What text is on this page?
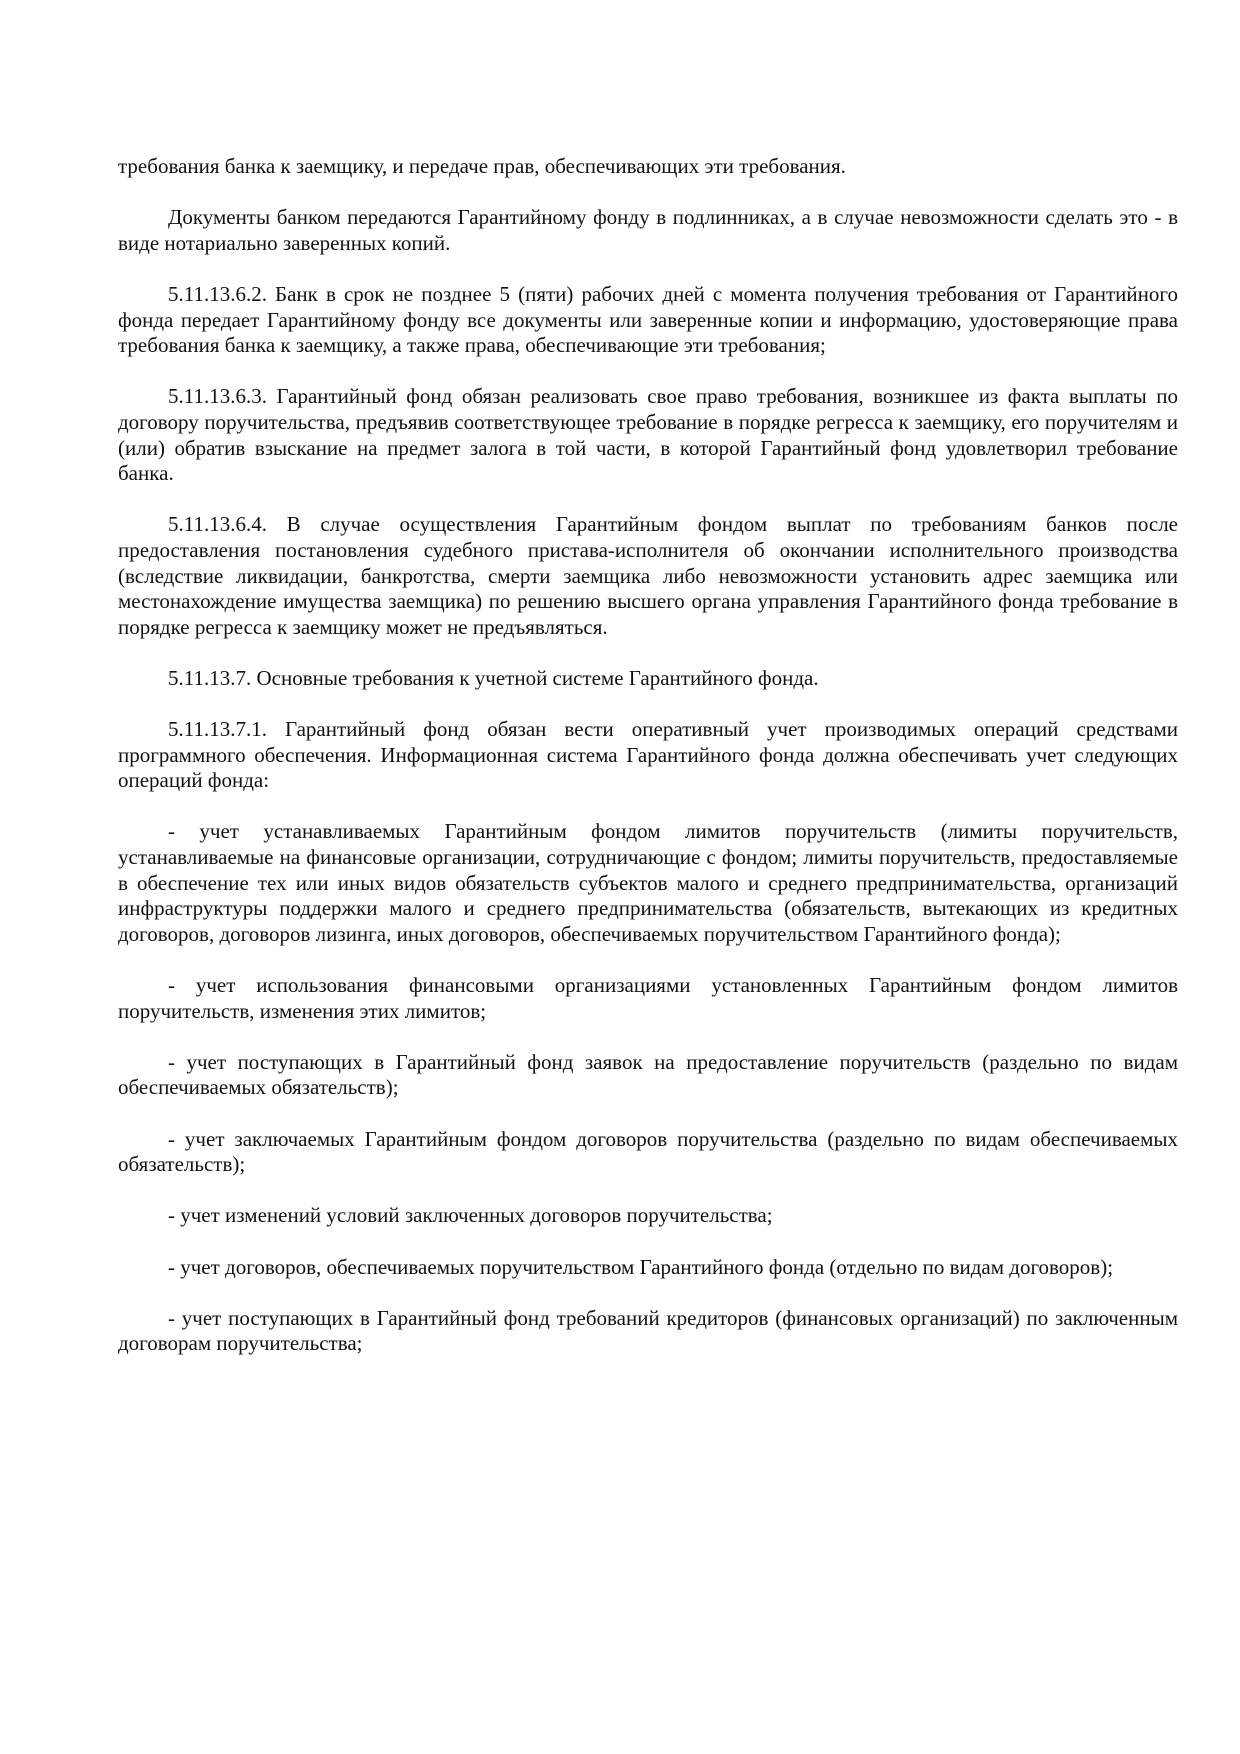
требования банка к заемщику, и передаче прав, обеспечивающих эти требования.

Документы банком передаются Гарантийному фонду в подлинниках, а в случае невозможности сделать это - в виде нотариально заверенных копий.

5.11.13.6.2. Банк в срок не позднее 5 (пяти) рабочих дней с момента получения требования от Гарантийного фонда передает Гарантийному фонду все документы или заверенные копии и информацию, удостоверяющие права требования банка к заемщику, а также права, обеспечивающие эти требования;

5.11.13.6.3. Гарантийный фонд обязан реализовать свое право требования, возникшее из факта выплаты по договору поручительства, предъявив соответствующее требование в порядке регресса к заемщику, его поручителям и (или) обратив взыскание на предмет залога в той части, в которой Гарантийный фонд удовлетворил требование банка.

5.11.13.6.4. В случае осуществления Гарантийным фондом выплат по требованиям банков после предоставления постановления судебного пристава-исполнителя об окончании исполнительного производства (вследствие ликвидации, банкротства, смерти заемщика либо невозможности установить адрес заемщика или местонахождение имущества заемщика) по решению высшего органа управления Гарантийного фонда требование в порядке регресса к заемщику может не предъявляться.

5.11.13.7. Основные требования к учетной системе Гарантийного фонда.

5.11.13.7.1. Гарантийный фонд обязан вести оперативный учет производимых операций средствами программного обеспечения. Информационная система Гарантийного фонда должна обеспечивать учет следующих операций фонда:

- учет устанавливаемых Гарантийным фондом лимитов поручительств (лимиты поручительств, устанавливаемые на финансовые организации, сотрудничающие с фондом; лимиты поручительств, предоставляемые в обеспечение тех или иных видов обязательств субъектов малого и среднего предпринимательства, организаций инфраструктуры поддержки малого и среднего предпринимательства (обязательств, вытекающих из кредитных договоров, договоров лизинга, иных договоров, обеспечиваемых поручительством Гарантийного фонда);

- учет использования финансовыми организациями установленных Гарантийным фондом лимитов поручительств, изменения этих лимитов;

- учет поступающих в Гарантийный фонд заявок на предоставление поручительств (раздельно по видам обеспечиваемых обязательств);

- учет заключаемых Гарантийным фондом договоров поручительства (раздельно по видам обеспечиваемых обязательств);

- учет изменений условий заключенных договоров поручительства;

- учет договоров, обеспечиваемых поручительством Гарантийного фонда (отдельно по видам договоров);

- учет поступающих в Гарантийный фонд требований кредиторов (финансовых организаций) по заключенным договорам поручительства;
